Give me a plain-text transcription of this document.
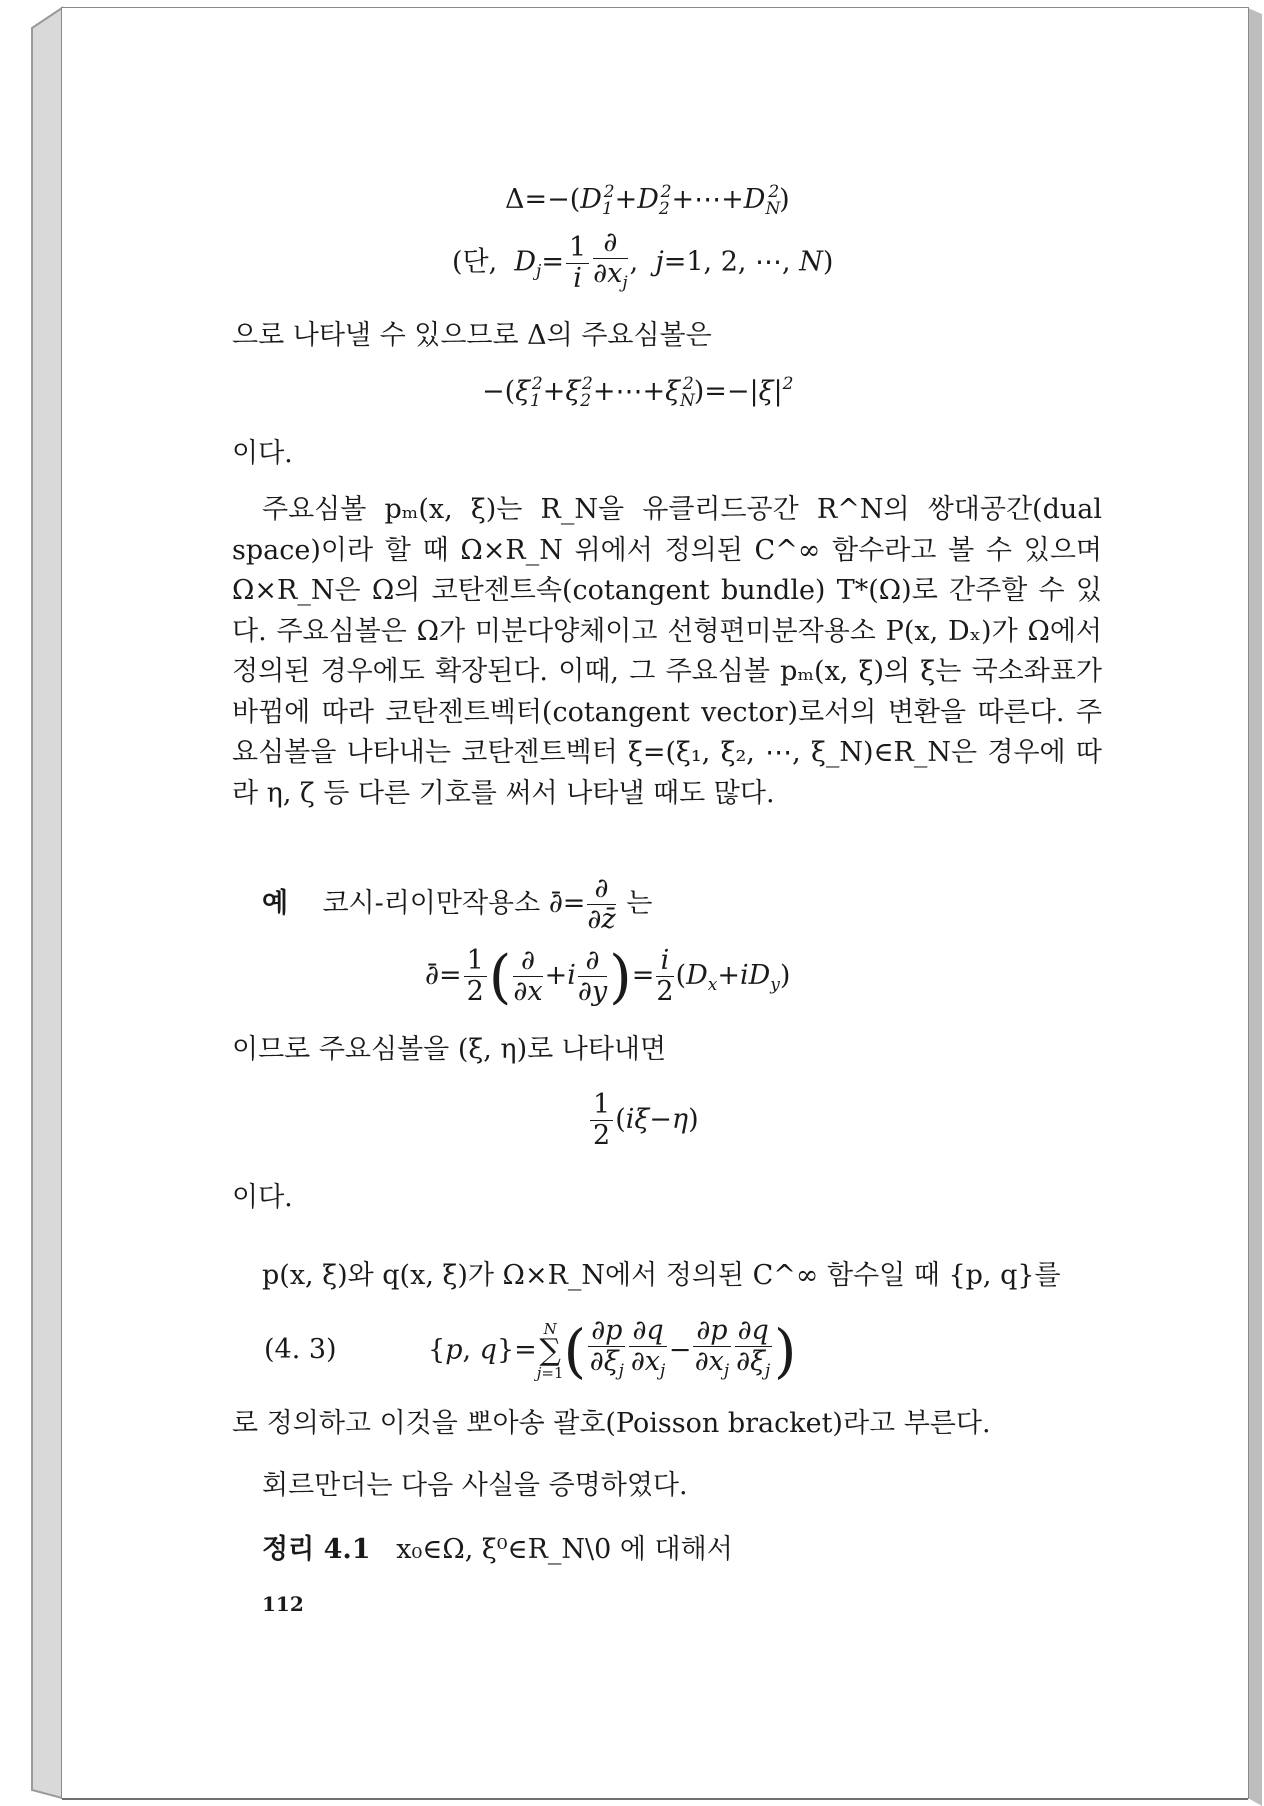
$\Delta=-(D_1^2+D_2^2+\cdots+D_N^2)$
(단,  $D_j= \frac{1}{i} \frac{\partial}{\partial x_j}$ ,  j=1, 2, ⋯, N)
으로 나타낼 수 있으므로 Δ의 주요심볼은
$-(\xi_1^2+\xi_2^2+\cdots+\xi_N^2)=-|\xi|^2$
이다.
주요심볼 pₘ(x, ξ)는 R_N을 유클리드공간 R^N의 쌍대공간(dual space)이라 할 때 Ω×R_N 위에서 정의된 C^∞ 함수라고 볼 수 있으며 Ω×R_N은 Ω의 코탄젠트속(cotangent bundle) T*(Ω)로 간주할 수 있다. 주요심볼은 Ω가 미분다양체이고 선형편미분작용소 P(x, Dₓ)가 Ω에서 정의된 경우에도 확장된다. 이때, 그 주요심볼 pₘ(x, ξ)의 ξ는 국소좌표가 바뀜에 따라 코탄젠트벡터(cotangent vector)로서의 변환을 따른다. 주요심볼을 나타내는 코탄젠트벡터 ξ=(ξ₁, ξ₂, ⋯, ξ_N)∈R_N은 경우에 따라 η, ζ 등 다른 기호를 써서 나타낼 때도 많다.
예 코시-리이만작용소 ∂̄= $\frac{\partial}{\partial z̄}$ 는
∂̄= $\frac{1}{2}$ ( $\frac{\partial}{\partial x} +i \frac{\partial}{\partial y}$ )= $\frac{i}{2} (D_x+iD_y)$
이므로 주요심볼을 (ξ, η)로 나타내면
$\frac{1}{2} (i\xi-\eta)$
이다.
p(x, ξ)와 q(x, ξ)가 Ω×R_N에서 정의된 C^∞ 함수일 때 {p, q}를
(4. 3)	{p, q}=
N
∑
j=1 ( $\frac{\partial p}{\partial\xi_j} \frac{\partial q}{\partial x_j} - \frac{\partial p}{\partial x_j} \frac{\partial q}{\partial\xi_j}$ )
로 정의하고 이것을 뽀아송 괄호(Poisson bracket)라고 부른다.
회르만더는 다음 사실을 증명하였다.
정리 4.1 x₀∈Ω, ξ⁰∈R_N\0 에 대해서
112
